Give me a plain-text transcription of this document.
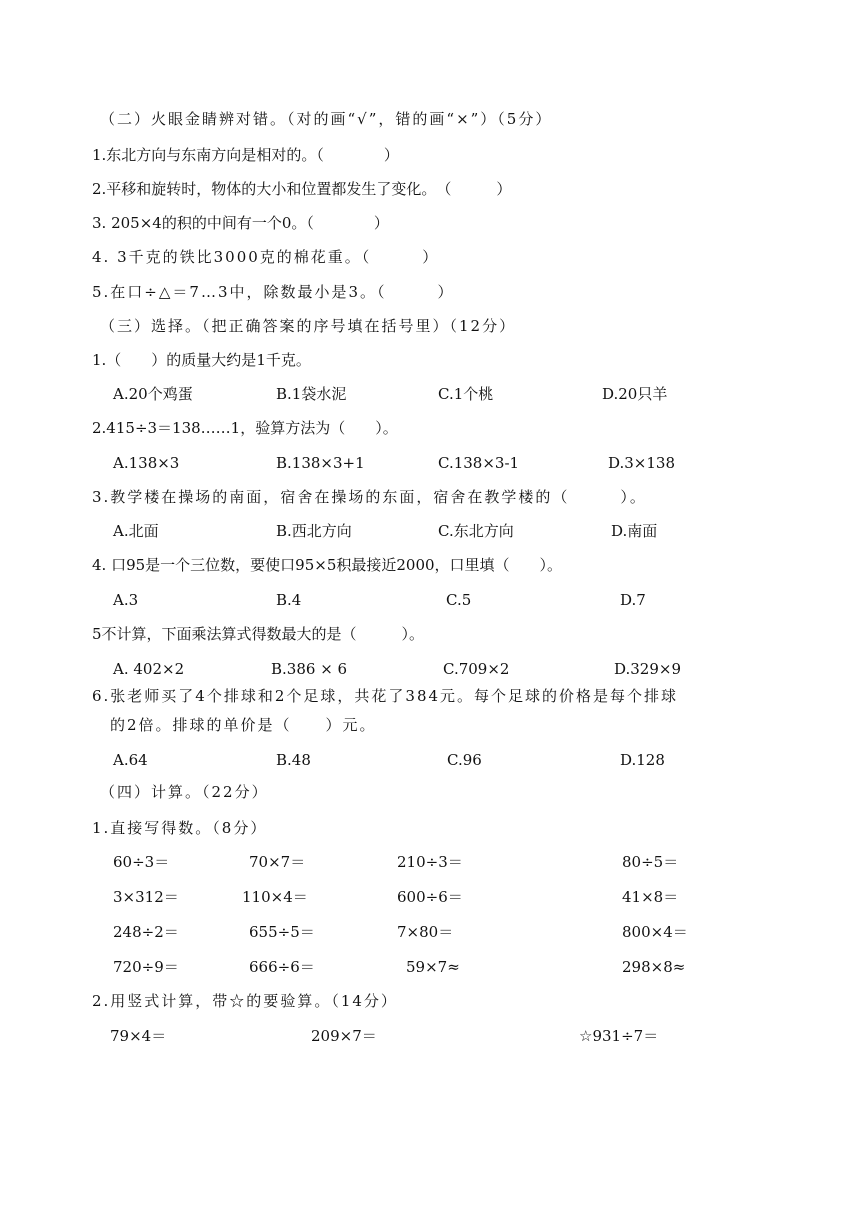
（二）火眼金睛辨对错。（对的画“√”，错的画“×”）（5分）
1.东北方向与东南方向是相对的。（　　　　）
2.平移和旋转时，物体的大小和位置都发生了变化。　（　　　）
3. 205×4的积的中间有一个0。（　　　　）
4. 3千克的铁比3000克的棉花重。（　　　）
5.在口÷△＝7…3中，除数最小是3。（　　　）
（三）选择。（把正确答案的序号填在括号里）（12分）
1.（　　）的质量大约是1千克。
A.20个鸡蛋	B.1袋水泥	C.1个桃	D.20只羊
2.415÷3＝138……1，验算方法为（　　）。
A.138×3	B.138×3+1	C.138×3-1	D.3×138
3.教学楼在操场的南面，宿舍在操场的东面，宿舍在教学楼的（　　　）。
A.北面	B.西北方向	C.东北方向	D.南面
4. 口95是一个三位数，要使口95×5积最接近2000，口里填（　　）。
A.3	B.4	C.5	D.7
5不计算，下面乘法算式得数最大的是（　　　）。
A. 402×2	B.386 × 6	C.709×2	D.329×9
6.张老师买了4个排球和2个足球，共花了384元。每个足球的价格是每个排球
的2倍。排球的单价是（　　）元。
A.64	B.48	C.96	D.128
（四）计算。（22分）
1.直接写得数。（8分）
60÷3＝	70×7＝	210÷3＝	80÷5＝
3×312＝	110×4＝	600÷6＝	41×8＝
248÷2＝	655÷5＝	7×80＝	800×4＝
720÷9＝	666÷6＝	59×7≈	298×8≈
2.用竖式计算，带☆的要验算。（14分）
79×4＝	209×7＝	☆931÷7＝
